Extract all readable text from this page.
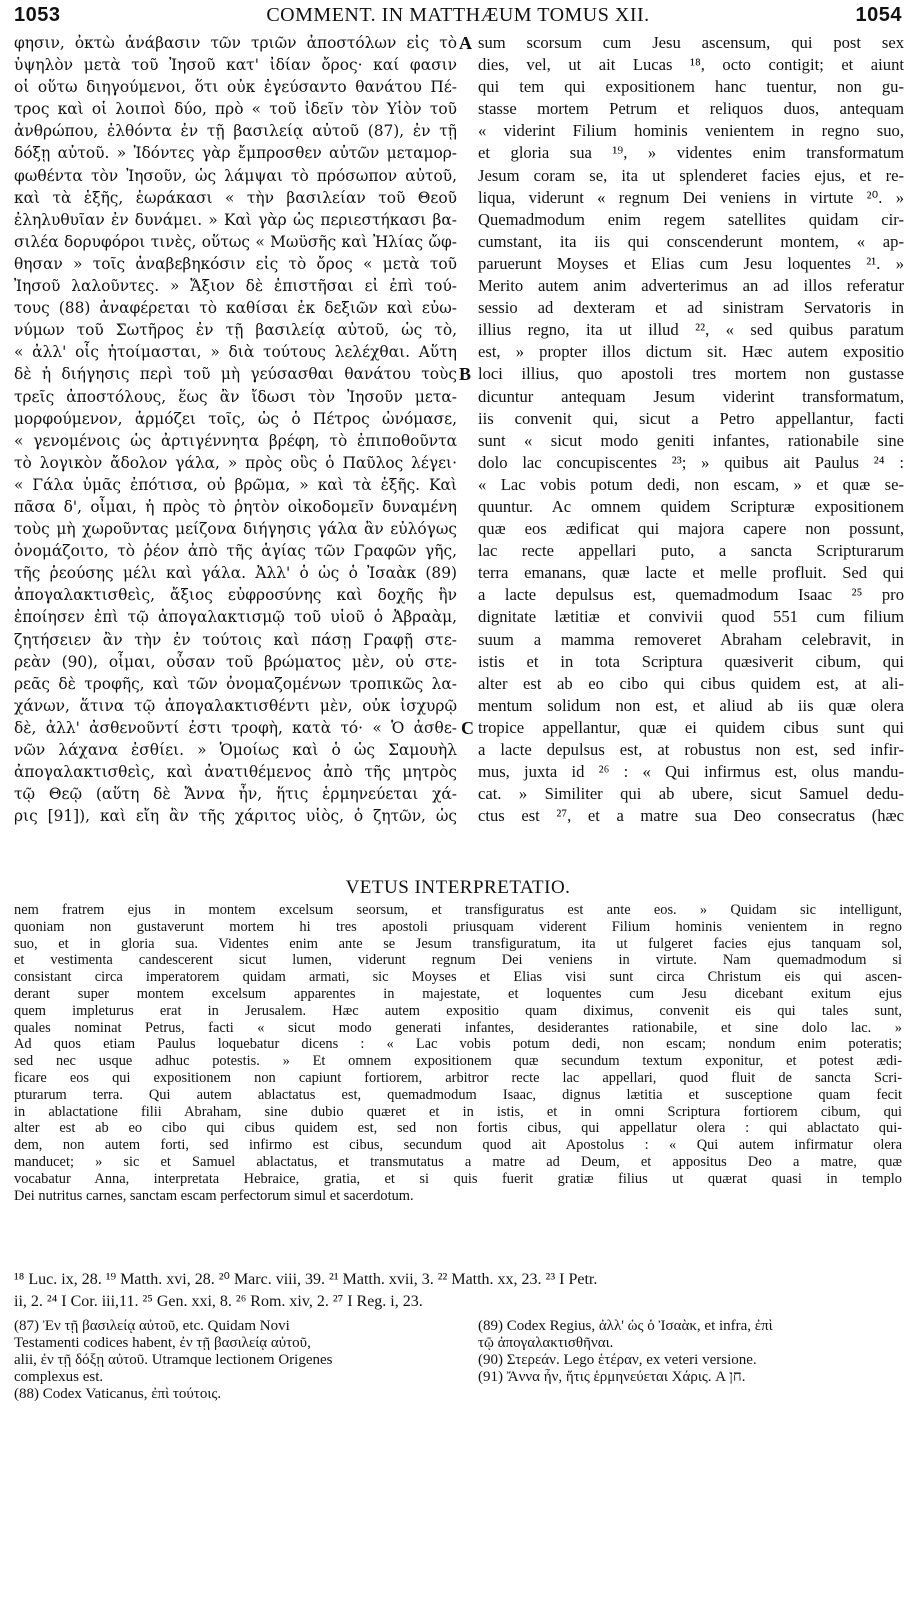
1053	COMMENT. IN MATTHÆUM TOMUS XII.	1054
φησιν, ὀκτὼ ἀνάβασιν τῶν τριῶν ἀποστόλων εἰς τὸ
ὑψηλὸν μετὰ τοῦ Ἰησοῦ κατ' ἰδίαν ὄρος· καί φασιν
οἱ οὕτω διηγούμενοι, ὅτι οὐκ ἐγεύσαντο θανάτου Πέ-
τρος καὶ οἱ λοιποὶ δύο, πρὸ « τοῦ ἰδεῖν τὸν Υἱὸν τοῦ
ἀνθρώπου, ἐλθόντα ἐν τῇ βασιλείᾳ αὐτοῦ (87), ἐν τῇ
δόξῃ αὐτοῦ. » Ἰδόντες γὰρ ἔμπροσθεν αὐτῶν μεταμορ-
φωθέντα τὸν Ἰησοῦν, ὡς λάμψαι τὸ πρόσωπον αὐτοῦ,
καὶ τὰ ἑξῆς, ἑωράκασι « τὴν βασιλείαν τοῦ Θεοῦ
ἐληλυθυῖαν ἐν δυνάμει. » Καὶ γὰρ ὡς περιεστήκασι βα-
σιλέα δορυφόροι τινὲς, οὕτως « Μωϋσῆς καὶ Ἠλίας ὤφ-
θησαν » τοῖς ἀναβεβηκόσιν εἰς τὸ ὄρος « μετὰ τοῦ
Ἰησοῦ λαλοῦντες. » Ἄξιον δὲ ἐπιστῆσαι εἰ ἐπὶ τού-
τους (88) ἀναφέρεται τὸ καθίσαι ἐκ δεξιῶν καὶ εὐω-
νύμων τοῦ Σωτῆρος ἐν τῇ βασιλείᾳ αὐτοῦ, ὡς τὸ,
« ἀλλ' οἷς ἡτοίμασται, » διὰ τούτους λελέχθαι. Αὕτη
δὲ ἡ διήγησις περὶ τοῦ μὴ γεύσασθαι θανάτου τοὺς
τρεῖς ἀποστόλους, ἕως ἂν ἴδωσι τὸν Ἰησοῦν μετα-
μορφούμενον, ἁρμόζει τοῖς, ὡς ὁ Πέτρος ὠνόμασε,
« γενομένοις ὡς ἀρτιγέννητα βρέφη, τὸ ἐπιποθοῦντα
τὸ λογικὸν ἄδολον γάλα, » πρὸς οὓς ὁ Παῦλος λέγει·
« Γάλα ὑμᾶς ἐπότισα, οὐ βρῶμα, » καὶ τὰ ἑξῆς. Καὶ
πᾶσα δ', οἶμαι, ἡ πρὸς τὸ ῥητὸν οἰκοδομεῖν δυναμένη
τοὺς μὴ χωροῦντας μείζονα διήγησις γάλα ἂν εὐλόγως
ὀνομάζοιτο, τὸ ῥέον ἀπὸ τῆς ἁγίας τῶν Γραφῶν γῆς,
τῆς ῥεούσης μέλι καὶ γάλα. Ἀλλ' ὁ ὡς ὁ Ἰσαὰκ (89)
ἀπογαλακτισθεὶς, ἄξιος εὐφροσύνης καὶ δοχῆς ἣν
ἐποίησεν ἐπὶ τῷ ἀπογαλακτισμῷ τοῦ υἱοῦ ὁ Ἀβραὰμ,
ζητήσειεν ἂν τὴν ἐν τούτοις καὶ πάσῃ Γραφῇ στε-
ρεὰν (90), οἶμαι, οὖσαν τοῦ βρώματος μὲν, οὐ στε-
ρεᾶς δὲ τροφῆς, καὶ τῶν ὀνομαζομένων τροπικῶς λα-
χάνων, ἅτινα τῷ ἀπογαλακτισθέντι μὲν, οὐκ ἰσχυρῷ
δὲ, ἀλλ' ἀσθενοῦντί ἐστι τροφὴ, κατὰ τό· « Ὁ ἀσθε-
νῶν λάχανα ἐσθίει. » Ὁμοίως καὶ ὁ ὡς Σαμουὴλ
ἀπογαλακτισθεὶς, καὶ ἀνατιθέμενος ἀπὸ τῆς μητρὸς
τῷ Θεῷ (αὕτη δὲ Ἄννα ἦν, ἥτις ἑρμηνεύεται χά-
ρις [91]), καὶ εἴη ἂν τῆς χάριτος υἱὸς, ὁ ζητῶν, ὡς
sum scorsum cum Jesu ascensum, qui post sex
dies, vel, ut ait Lucas ¹⁸, octo contigit; et aiunt
qui tem qui expositionem hanc tuentur, non gu-
stasse mortem Petrum et reliquos duos, antequam
« viderint Filium hominis venientem in regno suo,
et gloria sua ¹⁹, » videntes enim transformatum
Jesum coram se, ita ut splenderet facies ejus, et re-
liqua, viderunt « regnum Dei veniens in virtute ²⁰. »
Quemadmodum enim regem satellites quidam cir-
cumstant, ita iis qui conscenderunt montem, « ap-
paruerunt Moyses et Elias cum Jesu loquentes ²¹. »
Merito autem anim adverterimus an ad illos referatur
sessio ad dexteram et ad sinistram Servatoris in
illius regno, ita ut illud ²², « sed quibus paratum
est, » propter illos dictum sit. Hæc autem expositio
loci illius, quo apostoli tres mortem non gustasse
dicuntur antequam Jesum viderint transformatum,
iis convenit qui, sicut a Petro appellantur, facti
sunt « sicut modo geniti infantes, rationabile sine
dolo lac concupiscentes ²³; » quibus ait Paulus ²⁴ :
« Lac vobis potum dedi, non escam, » et quæ se-
quuntur. Ac omnem quidem Scripturæ expositionem
quæ eos ædificat qui majora capere non possunt,
lac recte appellari puto, a sancta Scripturarum
terra emanans, quæ lacte et melle profluit. Sed qui
a lacte depulsus est, quemadmodum Isaac ²⁵ pro
dignitate lætitiæ et convivii quod 551 cum filium
suum a mamma removeret Abraham celebravit, in
istis et in tota Scriptura quæsiverit cibum, qui
alter est ab eo cibo qui cibus quidem est, at ali-
mentum solidum non est, et aliud ab iis quæ olera
tropice appellantur, quæ ei quidem cibus sunt qui
a lacte depulsus est, at robustus non est, sed infir-
mus, juxta id ²⁶ : « Qui infirmus est, olus mandu-
cat. » Similiter qui ab ubere, sicut Samuel dedu-
ctus est ²⁷, et a matre sua Deo consecratus (hæc
A
B
C
VETUS INTERPRETATIO.
nem fratrem ejus in montem excelsum seorsum, et transfiguratus est ante eos. » Quidam sic intelligunt,
quoniam non gustaverunt mortem hi tres apostoli priusquam viderent Filium hominis venientem in regno
suo, et in gloria sua. Videntes enim ante se Jesum transfiguratum, ita ut fulgeret facies ejus tanquam sol,
et vestimenta candescerent sicut lumen, viderunt regnum Dei veniens in virtute. Nam quemadmodum si
consistant circa imperatorem quidam armati, sic Moyses et Elias visi sunt circa Christum eis qui ascen-
derant super montem excelsum apparentes in majestate, et loquentes cum Jesu dicebant exitum ejus
quem impleturus erat in Jerusalem. Hæc autem expositio quam diximus, convenit eis qui tales sunt,
quales nominat Petrus, facti « sicut modo generati infantes, desiderantes rationabile, et sine dolo lac. »
Ad quos etiam Paulus loquebatur dicens : « Lac vobis potum dedi, non escam; nondum enim poteratis;
sed nec usque adhuc potestis. » Et omnem expositionem quæ secundum textum exponitur, et potest ædi-
ficare eos qui expositionem non capiunt fortiorem, arbitror recte lac appellari, quod fluit de sancta Scri-
pturarum terra. Qui autem ablactatus est, quemadmodum Isaac, dignus lætitia et susceptione quam fecit
in ablactatione filii Abraham, sine dubio quæret et in istis, et in omni Scriptura fortiorem cibum, qui
alter est ab eo cibo qui cibus quidem est, sed non fortis cibus, qui appellatur olera : qui ablactato qui-
dem, non autem forti, sed infirmo est cibus, secundum quod ait Apostolus : « Qui autem infirmatur olera
manducet; » sic et Samuel ablactatus, et transmutatus a matre ad Deum, et appositus Deo a matre, quæ
vocabatur Anna, interpretata Hebraice, gratia, et si quis fuerit gratiæ filius ut quærat quasi in templo
Dei nutritus carnes, sanctam escam perfectorum simul et sacerdotum.
¹⁸ Luc. ix, 28. ¹⁹ Matth. xvi, 28. ²⁰ Marc. viii, 39. ²¹ Matth. xvii, 3. ²² Matth. xx, 23. ²³ I Petr.
ii, 2. ²⁴ I Cor. iii,11. ²⁵ Gen. xxi, 8. ²⁶ Rom. xiv, 2. ²⁷ I Reg. i, 23.
(87) Ἐν τῇ βασιλείᾳ αὐτοῦ, etc. Quidam Novi
Testamenti codices habent, ἐν τῇ βασιλείᾳ αὐτοῦ,
alii, ἐν τῇ δόξῃ αὐτοῦ. Utramque lectionem Origenes
complexus est.
(88) Codex Vaticanus, ἐπὶ τούτοις.
(89) Codex Regius, ἀλλ' ὡς ὁ Ἰσαὰκ, et infra, ἐπὶ
τῷ ἀπογαλακτισθῆναι.
(90) Στερεάν. Lego ἑτέραν, ex veteri versione.
(91) Ἄννα ἦν, ἥτις ἑρμηνεύεται Χάρις. A חן.
